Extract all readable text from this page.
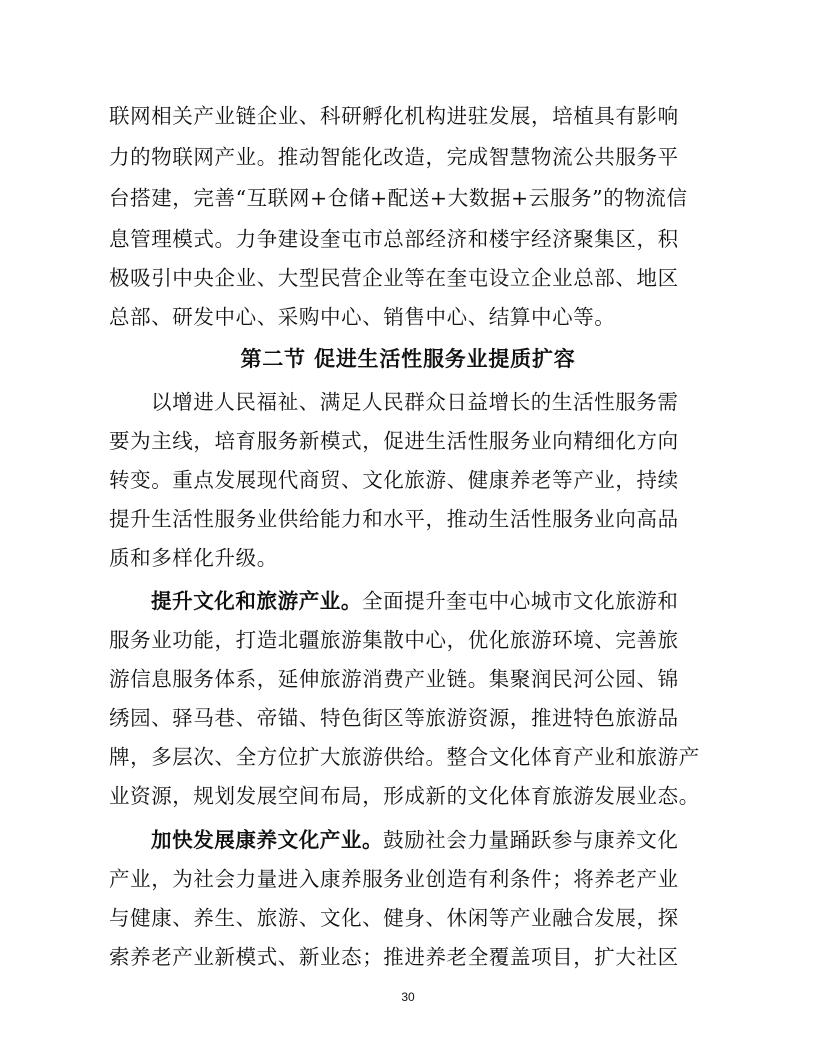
联网相关产业链企业、科研孵化机构进驻发展，培植具有影响
力的物联网产业。推动智能化改造，完成智慧物流公共服务平
台搭建，完善“互联网+仓储+配送+大数据+云服务”的物流信
息管理模式。力争建设奎屯市总部经济和楼宇经济聚集区，积
极吸引中央企业、大型民营企业等在奎屯设立企业总部、地区
总部、研发中心、采购中心、销售中心、结算中心等。
第二节 促进生活性服务业提质扩容
以增进人民福祉、满足人民群众日益增长的生活性服务需
要为主线，培育服务新模式，促进生活性服务业向精细化方向
转变。重点发展现代商贸、文化旅游、健康养老等产业，持续
提升生活性服务业供给能力和水平，推动生活性服务业向高品
质和多样化升级。
提升文化和旅游产业。全面提升奎屯中心城市文化旅游和
服务业功能，打造北疆旅游集散中心，优化旅游环境、完善旅
游信息服务体系，延伸旅游消费产业链。集聚润民河公园、锦
绣园、驿马巷、帝锚、特色街区等旅游资源，推进特色旅游品
牌，多层次、全方位扩大旅游供给。整合文化体育产业和旅游产
业资源，规划发展空间布局，形成新的文化体育旅游发展业态。
加快发展康养文化产业。鼓励社会力量踊跃参与康养文化
产业，为社会力量进入康养服务业创造有利条件；将养老产业
与健康、养生、旅游、文化、健身、休闲等产业融合发展，探
索养老产业新模式、新业态；推进养老全覆盖项目，扩大社区
30
